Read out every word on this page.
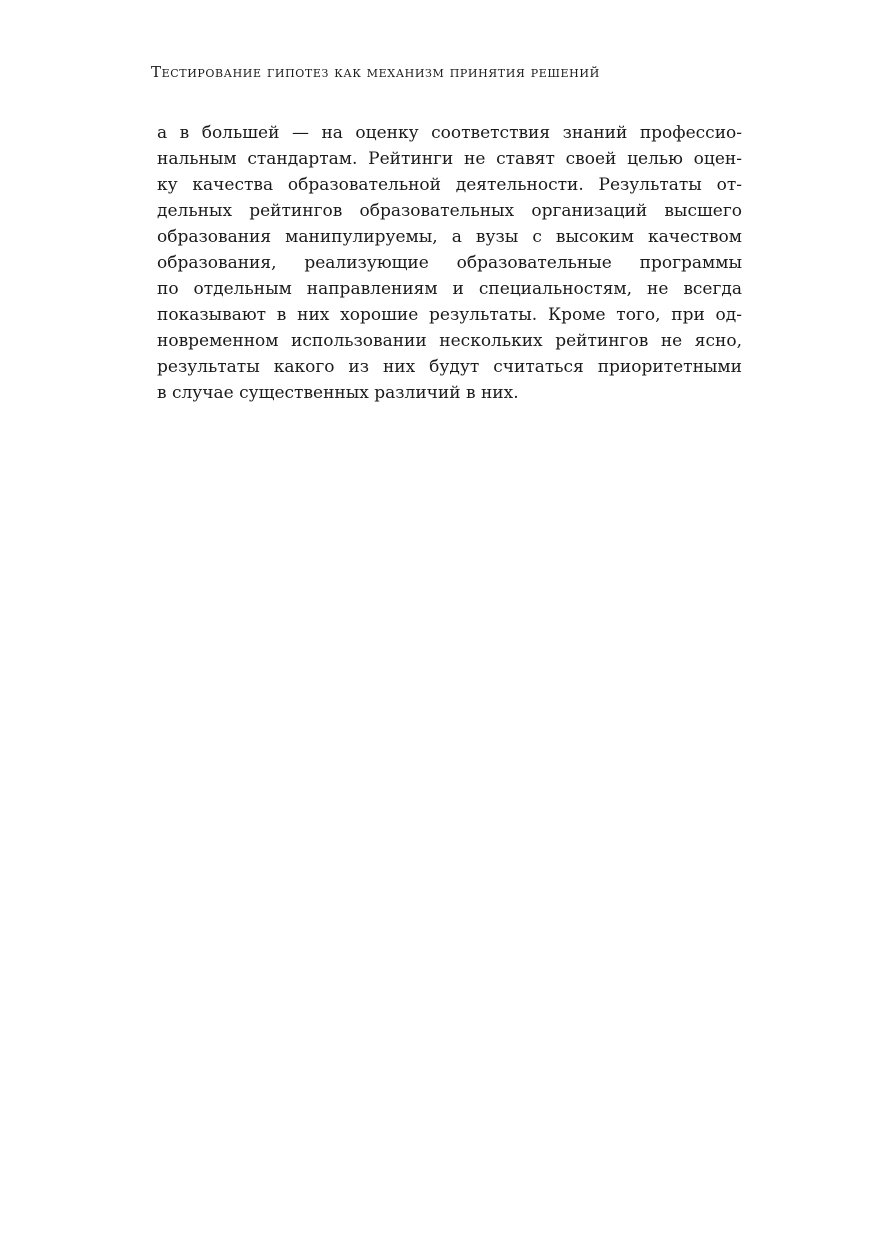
Тестирование гипотез как механизм принятия решений
а в большей — на оценку соответствия знаний профессио-
нальным стандартам. Рейтинги не ставят своей целью оцен-
ку качества образовательной деятельности. Результаты от-
дельных рейтингов образовательных организаций высшего
образования манипулируемы, а вузы с высоким качеством
образования, реализующие образовательные программы
по отдельным направлениям и специальностям, не всегда
показывают в них хорошие результаты. Кроме того, при од-
новременном использовании нескольких рейтингов не ясно,
результаты какого из них будут считаться приоритетными
в случае существенных различий в них.
